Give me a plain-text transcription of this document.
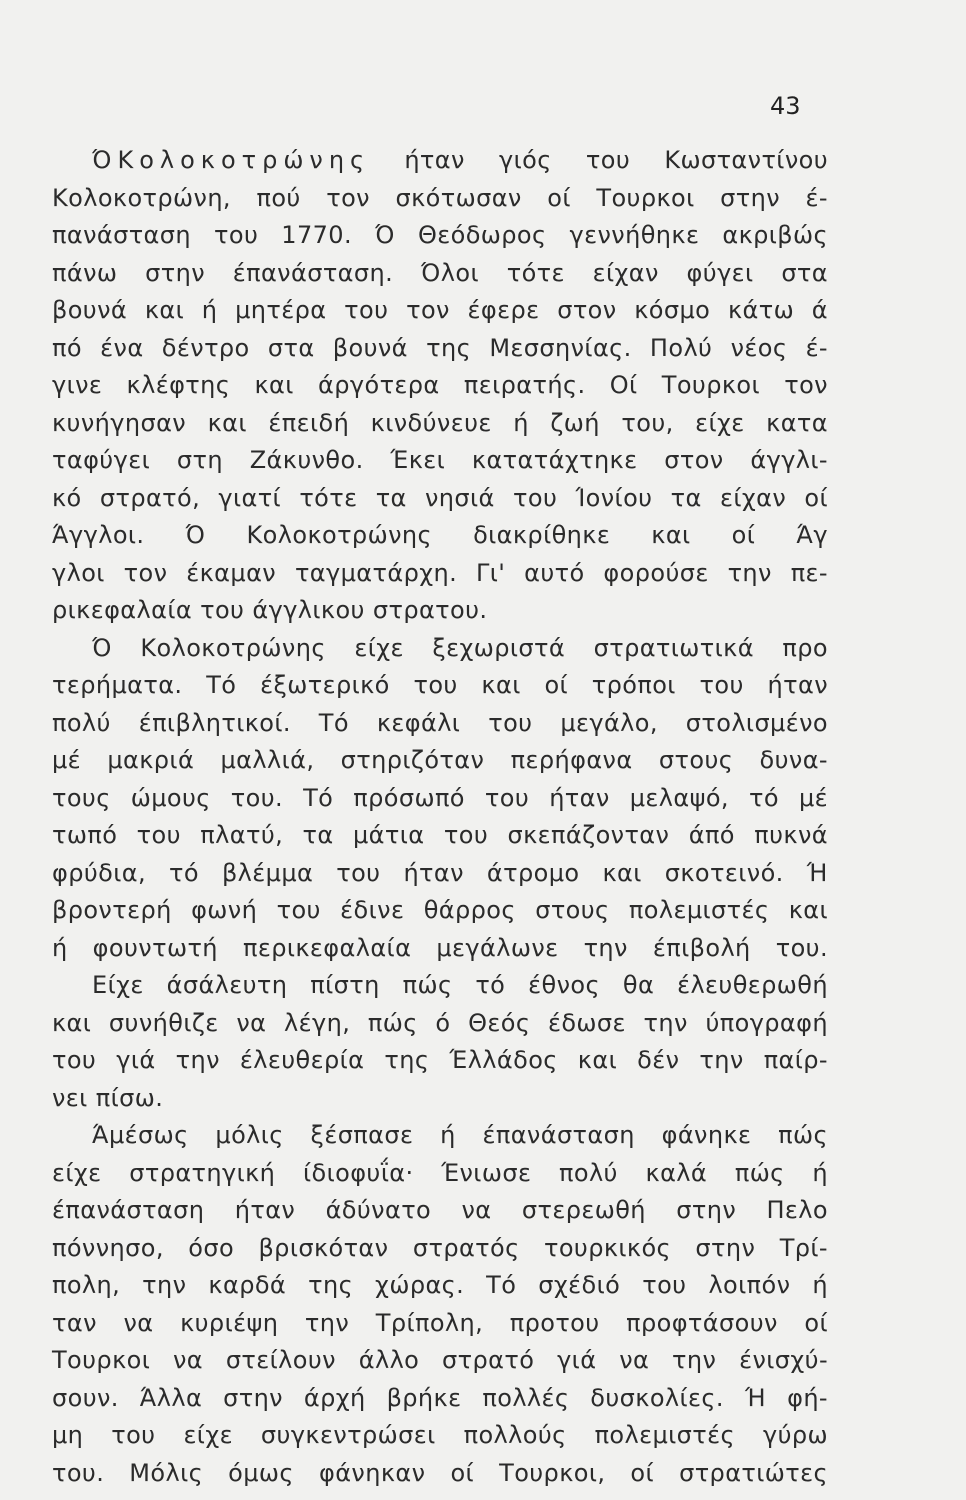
43
ΌΚολοκοτρώνης ήταν γιός του Κωσταντίνου
Κολοκοτρώνη, πού τον σκότωσαν οί Τουρκοι στην έ-
πανάσταση του 1770. Ό Θεόδωρος γεννήθηκε ακριβώς
πάνω στην έπανάσταση. Όλοι τότε είχαν φύγει στα
βουνά και ή μητέρα του τον έφερε στον κόσμο κάτω ά
πό ένα δέντρο στα βουνά της Μεσσηνίας. Πολύ νέος έ-
γινε κλέφτης και άργότερα πειρατής. Οί Τουρκοι τον
κυνήγησαν και έπειδή κινδύνευε ή ζωή του, είχε κατα
ταφύγει στη Ζάκυνθο. Έκει κατατάχτηκε στον άγγλι-
κό στρατό, γιατί τότε τα νησιά του Ίονίου τα είχαν οί
Άγγλοι. Ό Κολοκοτρώνης διακρίθηκε και οί Άγ
γλοι τον έκαμαν ταγματάρχη. Γι' αυτό φορούσε την πε-
ρικεφαλαία του άγγλικου στρατου.
Ό Κολοκοτρώνης είχε ξεχωριστά στρατιωτικά προ
τερήματα. Τό έξωτερικό του και οί τρόποι του ήταν
πολύ έπιβλητικοί. Τό κεφάλι του μεγάλο, στολισμένο
μέ μακριά μαλλιά, στηριζόταν περήφανα στους δυνα-
τους ώμους του. Τό πρόσωπό του ήταν μελαψό, τό μέ
τωπό του πλατύ, τα μάτια του σκεπάζονταν άπό πυκνά
φρύδια, τό βλέμμα του ήταν άτρομο και σκοτεινό. Ή
βροντερή φωνή του έδινε θάρρος στους πολεμιστές και
ή φουντωτή περικεφαλαία μεγάλωνε την έπιβολή του.
Είχε άσάλευτη πίστη πώς τό έθνος θα έλευθερωθή
και συνήθιζε να λέγη, πώς ό Θεός έδωσε την ύπογραφή
του γιά την έλευθερία της Έλλάδος και δέν την παίρ-
νει πίσω.
Άμέσως μόλις ξέσπασε ή έπανάσταση φάνηκε πώς
είχε στρατηγική ίδιοφυΐα· Ένιωσε πολύ καλά πώς ή
έπανάσταση ήταν άδύνατο να στερεωθή στην Πελο
πόννησο, όσο βρισκόταν στρατός τουρκικός στην Τρί-
πολη, την καρδά της χώρας. Τό σχέδιό του λοιπόν ή
ταν να κυριέψη την Τρίπολη, προτου προφτάσουν οί
Τουρκοι να στείλουν άλλο στρατό γιά να την ένισχύ-
σουν. Άλλα στην άρχή βρήκε πολλές δυσκολίες. Ή φή-
μη του είχε συγκεντρώσει πολλούς πολεμιστές γύρω
του. Μόλις όμως φάνηκαν οί Τουρκοι, οί στρατιώτες
